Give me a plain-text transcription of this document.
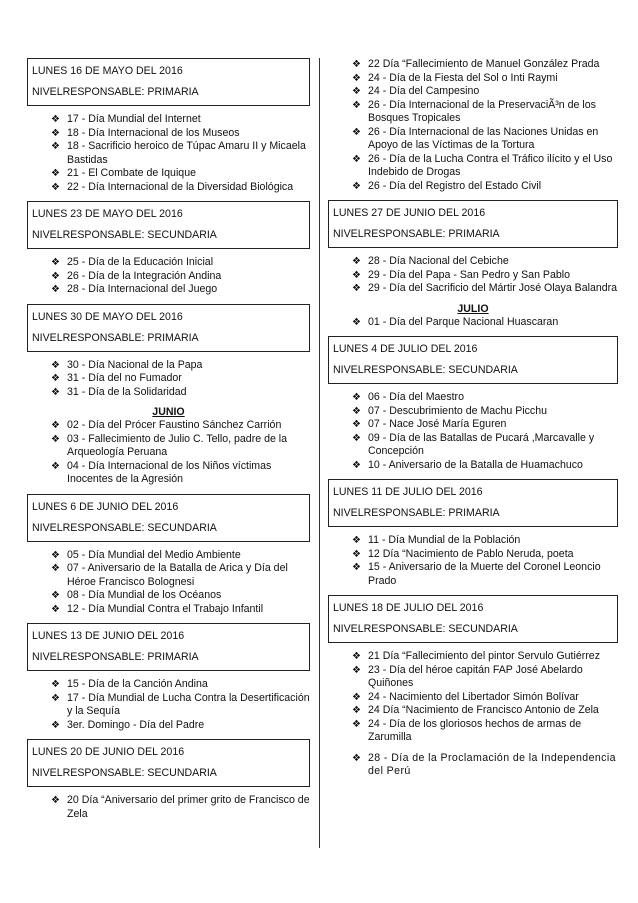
LUNES 16 DE MAYO DEL 2016
NIVELRESPONSABLE: PRIMARIA
❖ 17 - Día Mundial del Internet
❖ 18 - Día Internacional de los Museos
❖ 18 - Sacrificio heroico de Túpac Amaru II y Micaela Bastidas
❖ 21 - El Combate de Iquique
❖ 22 - Día Internacional de la Diversidad Biológica
LUNES 23 DE MAYO DEL 2016
NIVELRESPONSABLE: SECUNDARIA
❖ 25 - Día de la Educación Inicial
❖ 26 - Día de la Integración Andina
❖ 28 - Día Internacional del Juego
LUNES 30 DE MAYO DEL 2016
NIVELRESPONSABLE: PRIMARIA
❖ 30 - Día Nacional de la Papa
❖ 31 - Día del no Fumador
❖ 31 - Día de la Solidaridad
JUNIO
❖ 02 - Día del Prócer Faustino Sánchez Carrión
❖ 03 - Fallecimiento de Julio C. Tello, padre de la Arqueología Peruana
❖ 04 - Día Internacional de los Niños víctimas Inocentes de la Agresión
LUNES 6 DE JUNIO DEL 2016
NIVELRESPONSABLE: SECUNDARIA
❖ 05 - Día Mundial del Medio Ambiente
❖ 07 - Aniversario de la Batalla de Arica y Día del Héroe Francisco Bolognesi
❖ 08 - Día Mundial de los Océanos
❖ 12 - Día Mundial Contra el Trabajo Infantil
LUNES 13 DE JUNIO DEL 2016
NIVELRESPONSABLE: PRIMARIA
❖ 15 - Día de la Canción Andina
❖ 17 - Día Mundial de Lucha Contra la Desertificación y la Sequía
❖ 3er. Domingo - Día del Padre
LUNES 20 DE JUNIO DEL 2016
NIVELRESPONSABLE: SECUNDARIA
❖ 20 Día “Aniversario del primer grito de Francisco de Zela
❖ 22 Día “Fallecimiento de Manuel González Prada
❖ 24 - Día de la Fiesta del Sol o Inti Raymi
❖ 24 - Día del Campesino
❖ 26 - Día Internacional de la PreservaciÃ³n de los Bosques Tropicales
❖ 26 - Día Internacional de las Naciones Unidas en Apoyo de las Víctimas de la Tortura
❖ 26 - Día de la Lucha Contra el Tráfico ilícito y el Uso Indebido de Drogas
❖ 26 - Día del Registro del Estado Civil
LUNES 27 DE JUNIO DEL 2016
NIVELRESPONSABLE: PRIMARIA
❖ 28 - Día Nacional del Cebiche
❖ 29 - Día del Papa - San Pedro y San Pablo
❖ 29 - Día del Sacrificio del Mártir José Olaya Balandra
JULIO
❖ 01 - Día del Parque Nacional Huascaran
LUNES 4 DE JULIO DEL 2016
NIVELRESPONSABLE: SECUNDARIA
❖ 06 - Día del Maestro
❖ 07 - Descubrimiento de Machu Picchu
❖ 07 - Nace José María Eguren
❖ 09 - Día de las Batallas de Pucará ,Marcavalle y Concepción
❖ 10 - Aniversario de la Batalla de Huamachuco
LUNES 11 DE JULIO DEL 2016
NIVELRESPONSABLE: PRIMARIA
❖ 11 - Día Mundial de la Población
❖ 12 Día “Nacimiento de Pablo Neruda, poeta
❖ 15 - Aniversario de la Muerte del Coronel Leoncio Prado
LUNES 18 DE JULIO DEL 2016
NIVELRESPONSABLE: SECUNDARIA
❖ 21 Día “Fallecimiento del pintor Servulo Gutiérrez
❖ 23 - Día del héroe capitán FAP José Abelardo Quiñones
❖ 24 - Nacimiento del Libertador Simón Bolívar
❖ 24 Día “Nacimiento de Francisco Antonio de Zela
❖ 24 - Día de los gloriosos hechos de armas de Zarumilla
❖ 28 - Día de la Proclamación de la Independencia del Perú
